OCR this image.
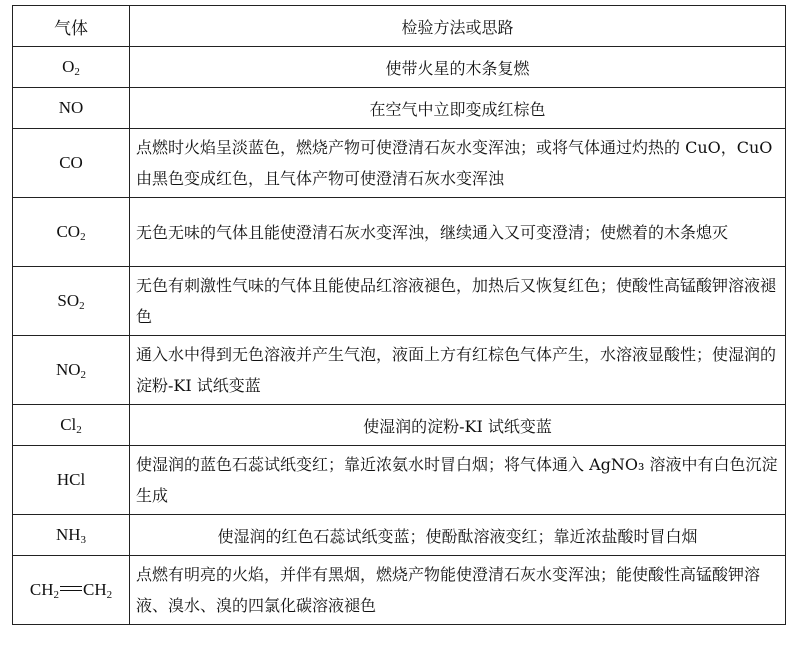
气体	检验方法或思路
$O_2$	使带火星的木条复燃
NO	在空气中立即变成红棕色
CO	点燃时火焰呈淡蓝色，燃烧产物可使澄清石灰水变浑浊；或将气体通过灼热的 CuO，CuO 由黑色变成红色，且气体产物可使澄清石灰水变浑浊
$CO_2$	无色无味的气体且能使澄清石灰水变浑浊，继续通入又可变澄清；使燃着的木条熄灭
$SO_2$	无色有刺激性气味的气体且能使品红溶液褪色，加热后又恢复红色；使酸性高锰酸钾溶液褪色
$NO_2$	通入水中得到无色溶液并产生气泡，液面上方有红棕色气体产生，水溶液显酸性；使湿润的淀粉-KI 试纸变蓝
$Cl_2$	使湿润的淀粉-KI 试纸变蓝
HCl	使湿润的蓝色石蕊试纸变红；靠近浓氨水时冒白烟；将气体通入 AgNO₃ 溶液中有白色沉淀生成
$NH_3$	使湿润的红色石蕊试纸变蓝；使酚酞溶液变红；靠近浓盐酸时冒白烟
$CH_2$ $CH_2$	点燃有明亮的火焰，并伴有黑烟，燃烧产物能使澄清石灰水变浑浊；能使酸性高锰酸钾溶液、溴水、溴的四氯化碳溶液褪色
